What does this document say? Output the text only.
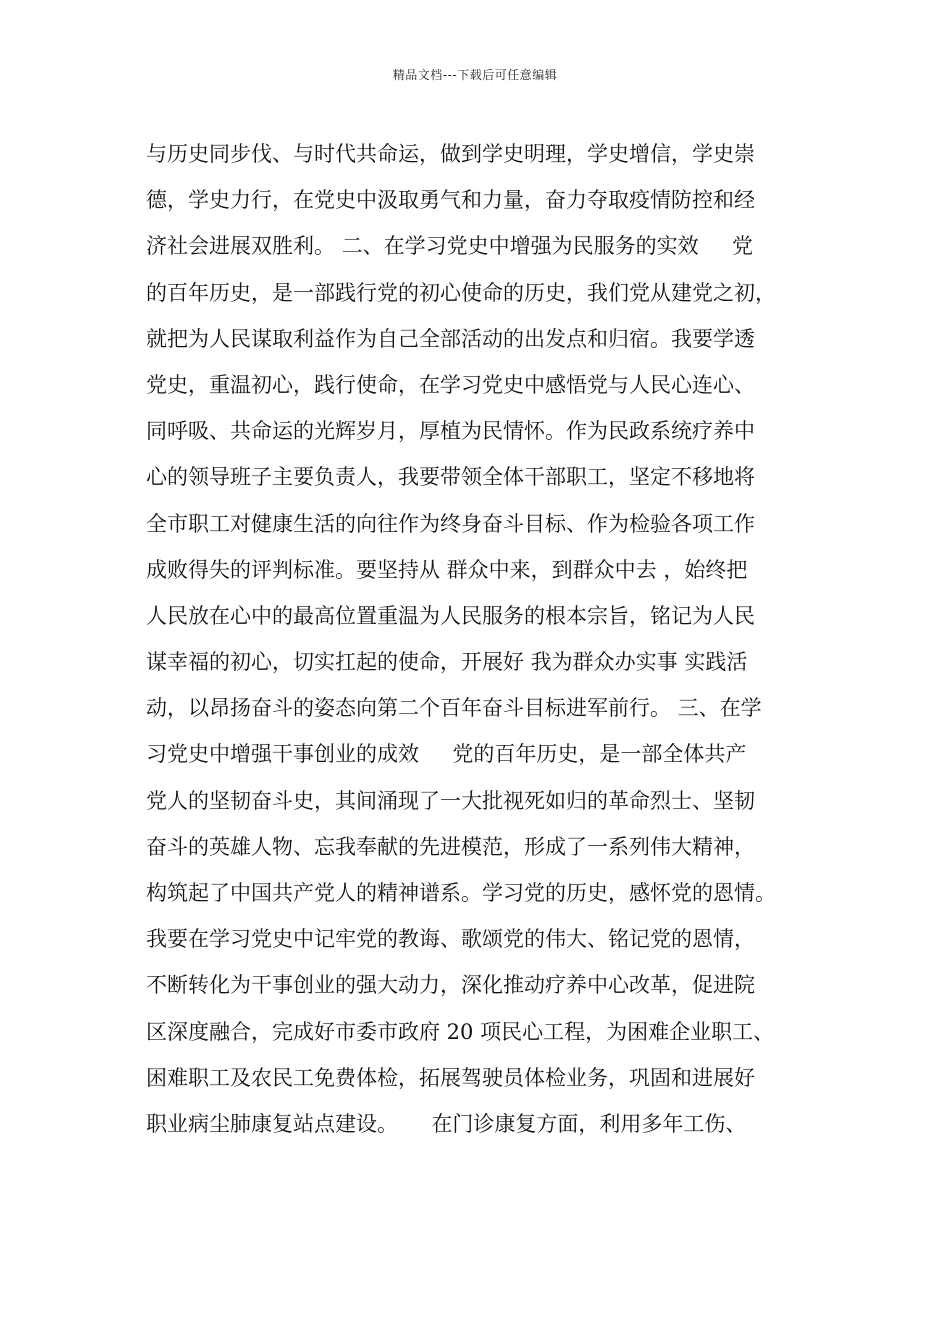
精品文档---下载后可任意编辑
与历史同步伐、与时代共命运，做到学史明理，学史增信，学史崇
德，学史力行，在党史中汲取勇气和力量，奋力夺取疫情防控和经
济社会进展双胜利。 二、在学习党史中增强为民服务的实效     党
的百年历史，是一部践行党的初心使命的历史，我们党从建党之初，
就把为人民谋取利益作为自己全部活动的出发点和归宿。我要学透
党史，重温初心，践行使命，在学习党史中感悟党与人民心连心、
同呼吸、共命运的光辉岁月，厚植为民情怀。作为民政系统疗养中
心的领导班子主要负责人，我要带领全体干部职工，坚定不移地将
全市职工对健康生活的向往作为终身奋斗目标、作为检验各项工作
成败得失的评判标准。要坚持从 群众中来，到群众中去 ，始终把
人民放在心中的最高位置重温为人民服务的根本宗旨，铭记为人民
谋幸福的初心，切实扛起的使命，开展好 我为群众办实事 实践活
动，以昂扬奋斗的姿态向第二个百年奋斗目标进军前行。 三、在学
习党史中增强干事创业的成效     党的百年历史，是一部全体共产
党人的坚韧奋斗史，其间涌现了一大批视死如归的革命烈士、坚韧
奋斗的英雄人物、忘我奉献的先进模范，形成了一系列伟大精神，
构筑起了中国共产党人的精神谱系。学习党的历史，感怀党的恩情。
我要在学习党史中记牢党的教诲、歌颂党的伟大、铭记党的恩情，
不断转化为干事创业的强大动力，深化推动疗养中心改革，促进院
区深度融合，完成好市委市政府 20 项民心工程，为困难企业职工、
困难职工及农民工免费体检，拓展驾驶员体检业务，巩固和进展好
职业病尘肺康复站点建设。     在门诊康复方面，利用多年工伤、
